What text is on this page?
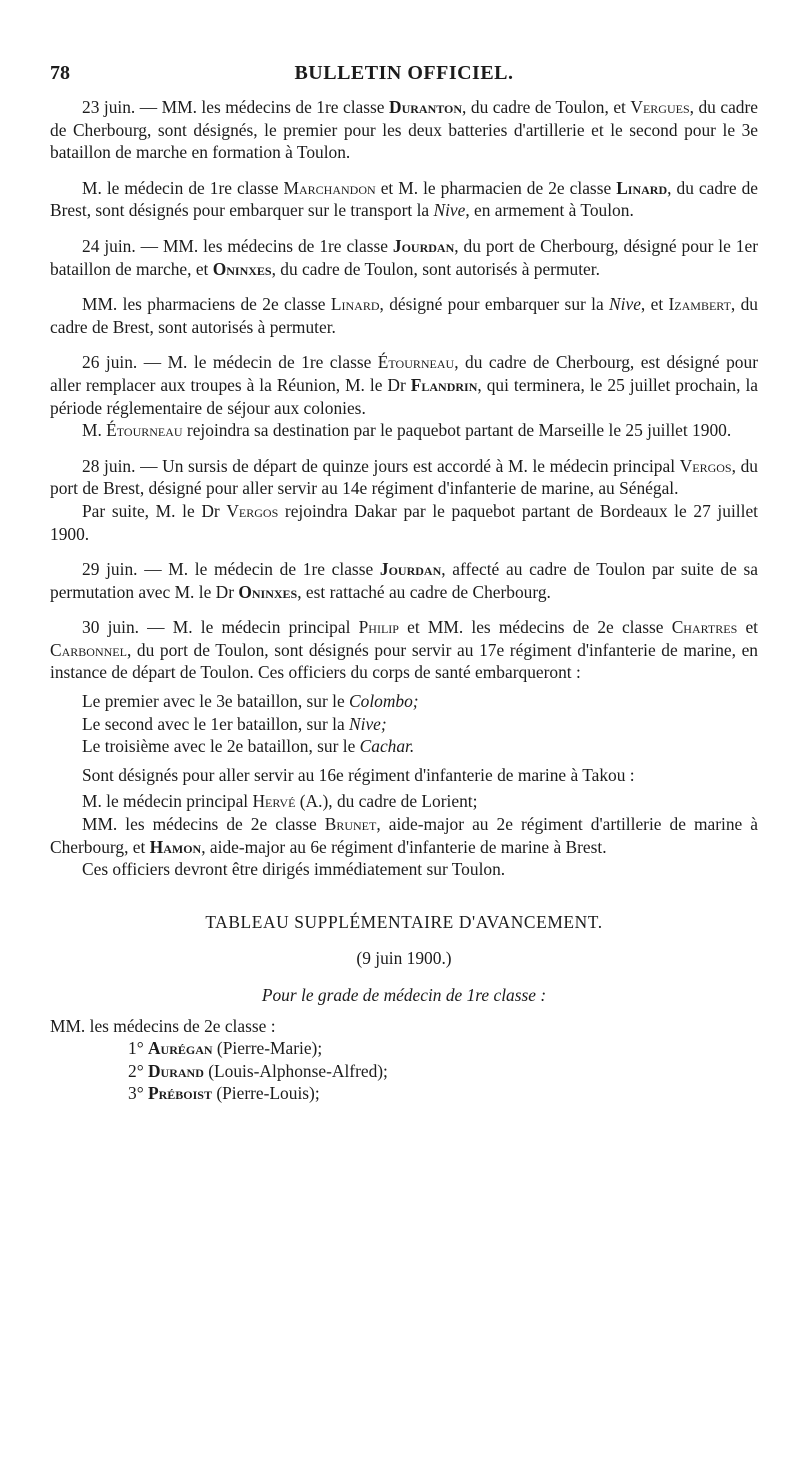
78	BULLETIN OFFICIEL.

23 juin. — MM. les médecins de 1re classe Duranton, du cadre de Toulon, et Vergues, du cadre de Cherbourg, sont désignés, le premier pour les deux batteries d'artillerie et le second pour le 3e bataillon de marche en formation à Toulon.

M. le médecin de 1re classe Marchandon et M. le pharmacien de 2e classe Linard, du cadre de Brest, sont désignés pour embarquer sur le transport la Nive, en armement à Toulon.

24 juin. — MM. les médecins de 1re classe Jourdan, du port de Cherbourg, désigné pour le 1er bataillon de marche, et Oninxes, du cadre de Toulon, sont autorisés à permuter.

MM. les pharmaciens de 2e classe Linard, désigné pour embarquer sur la Nive, et Izambert, du cadre de Brest, sont autorisés à permuter.

26 juin. — M. le médecin de 1re classe Étourneau, du cadre de Cherbourg, est désigné pour aller remplacer aux troupes à la Réunion, M. le Dr Flandrin, qui terminera, le 25 juillet prochain, la période réglementaire de séjour aux colonies.

M. Étourneau rejoindra sa destination par le paquebot partant de Marseille le 25 juillet 1900.

28 juin. — Un sursis de départ de quinze jours est accordé à M. le médecin principal Vergos, du port de Brest, désigné pour aller servir au 14e régiment d'infanterie de marine, au Sénégal.

Par suite, M. le Dr Vergos rejoindra Dakar par le paquebot partant de Bordeaux le 27 juillet 1900.

29 juin. — M. le médecin de 1re classe Jourdan, affecté au cadre de Toulon par suite de sa permutation avec M. le Dr Oninxes, est rattaché au cadre de Cherbourg.

30 juin. — M. le médecin principal Philip et MM. les médecins de 2e classe Chartres et Carbonnel, du port de Toulon, sont désignés pour servir au 17e régiment d'infanterie de marine, en instance de départ de Toulon. Ces officiers du corps de santé embarqueront :

Le premier avec le 3e bataillon, sur le Colombo;

Le second avec le 1er bataillon, sur la Nive;

Le troisième avec le 2e bataillon, sur le Cachar.

Sont désignés pour aller servir au 16e régiment d'infanterie de marine à Takou :

M. le médecin principal Hervé (A.), du cadre de Lorient;

MM. les médecins de 2e classe Brunet, aide-major au 2e régiment d'artillerie de marine à Cherbourg, et Hamon, aide-major au 6e régiment d'infanterie de marine à Brest.

Ces officiers devront être dirigés immédiatement sur Toulon.

TABLEAU SUPPLÉMENTAIRE D'AVANCEMENT.

(9 juin 1900.)

Pour le grade de médecin de 1re classe :

MM. les médecins de 2e classe :

1° Aurégan (Pierre-Marie);

2° Durand (Louis-Alphonse-Alfred);

3° Préboist (Pierre-Louis);
